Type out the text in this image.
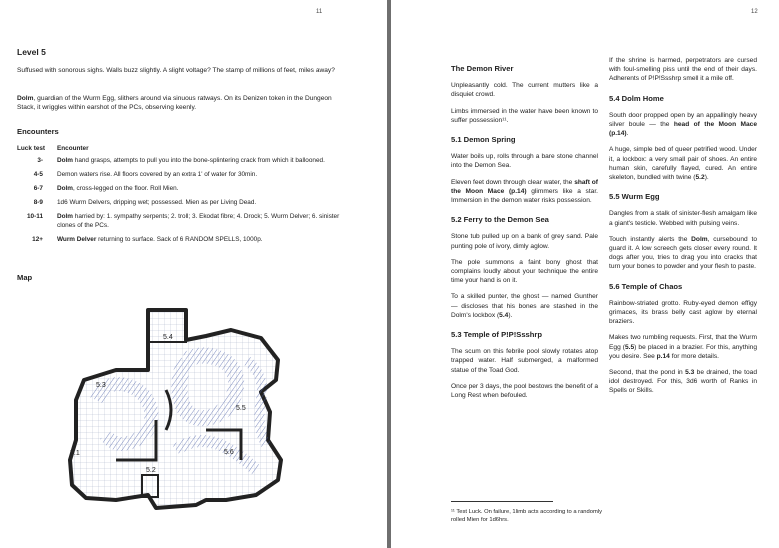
11
Level 5

Suffused with sonorous sighs. Walls buzz slightly. A slight voltage? The stamp of millions of feet, miles away?

Dolm, guardian of the Wurm Egg, slithers around via sinuous ratways. On its Denizen token in the Dungeon Stack, it wriggles within earshot of the PCs, observing keenly.

Encounters
Luck test	Encounter
3-	Dolm hand grasps, attempts to pull you into the bone-splintering crack from which it ballooned.
4-5	Demon waters rise. All floors covered by an extra 1' of water for 30min.
6-7	Dolm, cross-legged on the floor. Roll Mien.
8-9	1d6 Wurm Delvers, dripping wet; possessed. Mien as per Living Dead.
10-11	Dolm harried by: 1. sympathy serpents; 2. troll; 3. Ekodat fibre; 4. Drock; 5. Wurm Delver; 6. sinister clones of the PCs.
12+	Wurm Delver returning to surface. Sack of 6 RANDOM SPELLS, 1000p.
Map
5.1
5.2
5.3
5.4
5.5
5.6
12
The Demon River

Unpleasantly cold. The current mutters like a disquiet crowd.

Limbs immersed in the water have been known to suffer possession¹¹.

5.1 Demon Spring

Water boils up, rolls through a bare stone channel into the Demon Sea.

Eleven feet down through clear water, the shaft of the Moon Mace (p.14) glimmers like a star. Immersion in the demon water risks possession.

5.2 Ferry to the Demon Sea

Stone tub pulled up on a bank of grey sand. Pale punting pole of ivory, dimly aglow.

The pole summons a faint bony ghost that complains loudly about your technique the entire time your hand is on it.

To a skilled punter, the ghost — named Gunther — discloses that his bones are stashed in the Dolm's lockbox (5.4).

5.3 Temple of P!P!Ssshrp

The scum on this febrile pool slowly rotates atop trapped water. Half submerged, a malformed statue of the Toad God.

Once per 3 days, the pool bestows the benefit of a Long Rest when befouled.

¹¹ Test Luck. On failure, 1limb acts according to a randomly rolled Mien for 1d6hrs.

If the shrine is harmed, perpetrators are cursed with foul-smelling piss until the end of their days. Adherents of P!P!Ssshrp smell it a mile off.

5.4 Dolm Home

South door propped open by an appallingly heavy silver boule — the head of the Moon Mace (p.14).

A huge, simple bed of queer petrified wood. Under it, a lockbox: a very small pair of shoes. An entire human skin, carefully flayed, cured. An entire skeleton, bundled with twine (5.2).

5.5 Wurm Egg

Dangles from a stalk of sinister-flesh amalgam like a giant's testicle. Webbed with pulsing veins.

Touch instantly alerts the Dolm, cursebound to guard it. A low screech gets closer every round. It dogs after you, tries to drag you into cracks that turn your bones to powder and your flesh to paste.

5.6 Temple of Chaos

Rainbow-striated grotto. Ruby-eyed demon effigy grimaces, its brass belly cast aglow by eternal braziers.

Makes two rumbling requests. First, that the Wurm Egg (5.5) be placed in a brazier. For this, anything you desire. See p.14 for more details.

Second, that the pond in 5.3 be drained, the toad idol destroyed. For this, 3d6 worth of Ranks in Spells or Skills.
